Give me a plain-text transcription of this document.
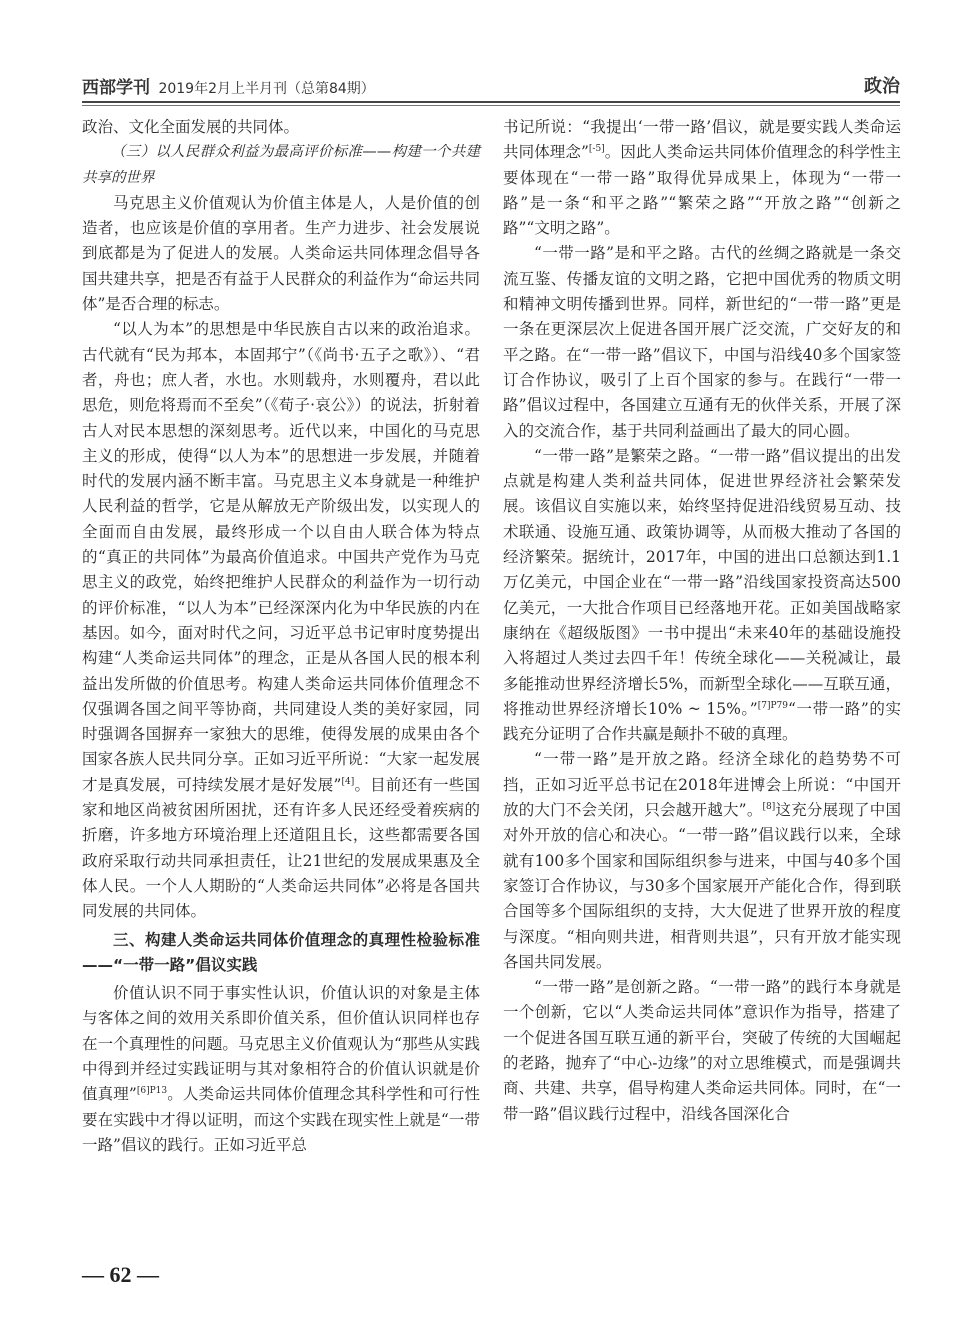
西部学刊 2019年2月上半月刊（总第84期）	政治

政治、文化全面发展的共同体。

（三）以人民群众利益为最高评价标准——构建一个共建共享的世界

马克思主义价值观认为价值主体是人，人是价值的创造者，也应该是价值的享用者。生产力进步、社会发展说到底都是为了促进人的发展。人类命运共同体理念倡导各国共建共享，把是否有益于人民群众的利益作为“命运共同体”是否合理的标志。

“以人为本”的思想是中华民族自古以来的政治追求。古代就有“民为邦本，本固邦宁”（《尚书·五子之歌》）、“君者，舟也；庶人者，水也。水则载舟，水则覆舟，君以此思危，则危将焉而不至矣”（《荀子·哀公》）的说法，折射着古人对民本思想的深刻思考。近代以来，中国化的马克思主义的形成，使得“以人为本”的思想进一步发展，并随着时代的发展内涵不断丰富。马克思主义本身就是一种维护人民利益的哲学，它是从解放无产阶级出发，以实现人的全面而自由发展，最终形成一个以自由人联合体为特点的“真正的共同体”为最高价值追求。中国共产党作为马克思主义的政党，始终把维护人民群众的利益作为一切行动的评价标准，“以人为本”已经深深内化为中华民族的内在基因。如今，面对时代之问，习近平总书记审时度势提出构建“人类命运共同体”的理念，正是从各国人民的根本利益出发所做的价值思考。构建人类命运共同体价值理念不仅强调各国之间平等协商，共同建设人类的美好家园，同时强调各国摒弃一家独大的思维，使得发展的成果由各个国家各族人民共同分享。正如习近平所说：“大家一起发展才是真发展，可持续发展才是好发展”[4]。目前还有一些国家和地区尚被贫困所困扰，还有许多人民还经受着疾病的折磨，许多地方环境治理上还道阻且长，这些都需要各国政府采取行动共同承担责任，让21世纪的发展成果惠及全体人民。一个人人期盼的“人类命运共同体”必将是各国共同发展的共同体。

三、构建人类命运共同体价值理念的真理性检验标准——“一带一路”倡议实践

价值认识不同于事实性认识，价值认识的对象是主体与客体之间的效用关系即价值关系，但价值认识同样也存在一个真理性的问题。马克思主义价值观认为“那些从实践中得到并经过实践证明与其对象相符合的价值认识就是价值真理”$^{[6]P13}$。人类命运共同体价值理念其科学性和可行性要在实践中才得以证明，而这个实践在现实性上就是“一带一路”倡议的践行。正如习近平总

书记所说：“我提出‘一带一路’倡议，就是要实践人类命运共同体理念”[-5]。因此人类命运共同体价值理念的科学性主要体现在“一带一路”取得优异成果上，体现为“一带一路”是一条“和平之路”“繁荣之路”“开放之路”“创新之路”“文明之路”。

“一带一路”是和平之路。古代的丝绸之路就是一条交流互鉴、传播友谊的文明之路，它把中国优秀的物质文明和精神文明传播到世界。同样，新世纪的“一带一路”更是一条在更深层次上促进各国开展广泛交流，广交好友的和平之路。在“一带一路”倡议下，中国与沿线40多个国家签订合作协议，吸引了上百个国家的参与。在践行“一带一路”倡议过程中，各国建立互通有无的伙伴关系，开展了深入的交流合作，基于共同利益画出了最大的同心圆。

“一带一路”是繁荣之路。“一带一路”倡议提出的出发点就是构建人类利益共同体，促进世界经济社会繁荣发展。该倡议自实施以来，始终坚持促进沿线贸易互动、技术联通、设施互通、政策协调等，从而极大推动了各国的经济繁荣。据统计，2017年，中国的进出口总额达到1.1万亿美元，中国企业在“一带一路”沿线国家投资高达500亿美元，一大批合作项目已经落地开花。正如美国战略家康纳在《超级版图》一书中提出“未来40年的基础设施投入将超过人类过去四千年！传统全球化——关税减让，最多能推动世界经济增长5%，而新型全球化——互联互通，将推动世界经济增长10% ~ 15%。”$^{[7]P79}$“一带一路”的实践充分证明了合作共赢是颠扑不破的真理。

“一带一路”是开放之路。经济全球化的趋势势不可挡，正如习近平总书记在2018年进博会上所说：“中国开放的大门不会关闭，只会越开越大”。[8]这充分展现了中国对外开放的信心和决心。“一带一路”倡议践行以来，全球就有100多个国家和国际组织参与进来，中国与40多个国家签订合作协议，与30多个国家展开产能化合作，得到联合国等多个国际组织的支持，大大促进了世界开放的程度与深度。“相向则共进，相背则共退”，只有开放才能实现各国共同发展。

“一带一路”是创新之路。“一带一路”的践行本身就是一个创新，它以“人类命运共同体”意识作为指导，搭建了一个促进各国互联互通的新平台，突破了传统的大国崛起的老路，抛弃了“中心-边缘”的对立思维模式，而是强调共商、共建、共享，倡导构建人类命运共同体。同时，在“一带一路”倡议践行过程中，沿线各国深化合

— 62 —
